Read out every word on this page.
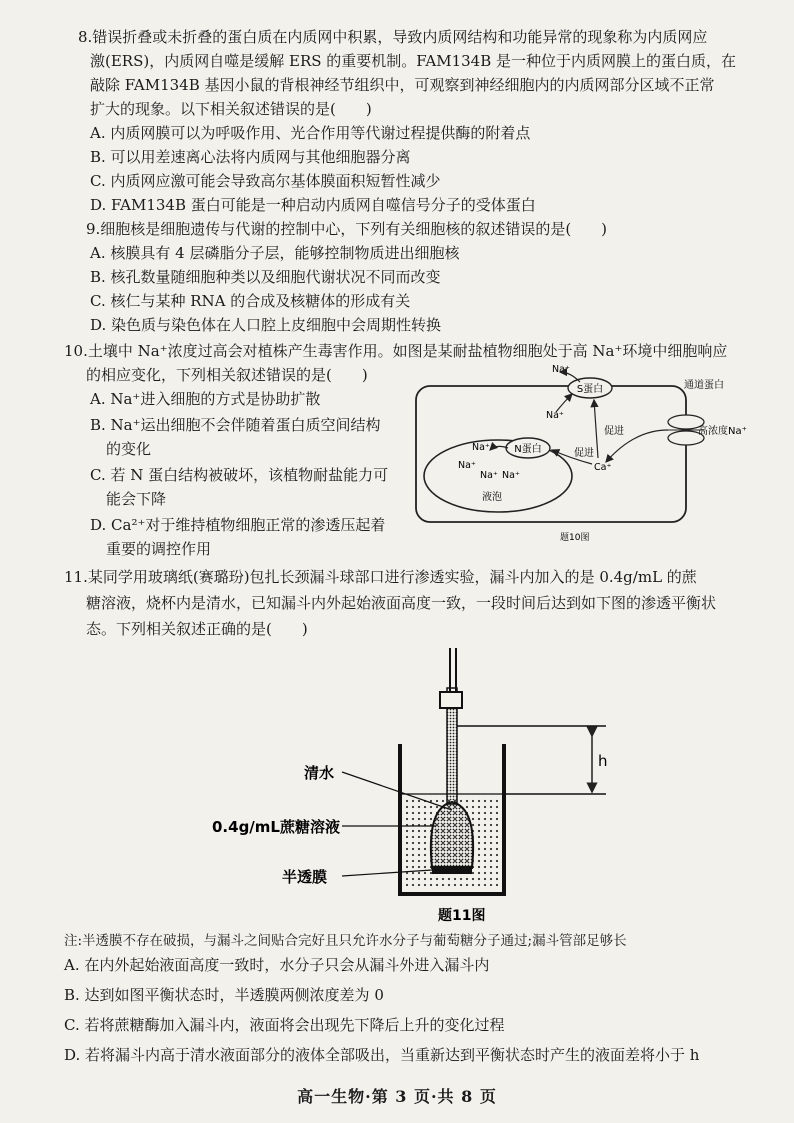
8.错误折叠或未折叠的蛋白质在内质网中积累，导致内质网结构和功能异常的现象称为内质网应
激(ERS)，内质网自噬是缓解 ERS 的重要机制。FAM134B 是一种位于内质网膜上的蛋白质，在
敲除 FAM134B 基因小鼠的背根神经节组织中，可观察到神经细胞内的内质网部分区域不正常
扩大的现象。以下相关叙述错误的是(　　)
A. 内质网膜可以为呼吸作用、光合作用等代谢过程提供酶的附着点
B. 可以用差速离心法将内质网与其他细胞器分离
C. 内质网应激可能会导致高尔基体膜面积短暂性减少
D. FAM134B 蛋白可能是一种启动内质网自噬信号分子的受体蛋白
9.细胞核是细胞遗传与代谢的控制中心，下列有关细胞核的叙述错误的是(　　)
A. 核膜具有 4 层磷脂分子层，能够控制物质进出细胞核
B. 核孔数量随细胞种类以及细胞代谢状况不同而改变
C. 核仁与某种 RNA 的合成及核糖体的形成有关
D. 染色质与染色体在人口腔上皮细胞中会周期性转换
10.土壤中 Na⁺浓度过高会对植株产生毒害作用。如图是某耐盐植物细胞处于高 Na⁺环境中细胞响应
的相应变化，下列相关叙述错误的是(　　)
A. Na⁺进入细胞的方式是协助扩散
B. Na⁺运出细胞不会伴随着蛋白质空间结构
的变化
C. 若 N 蛋白结构被破坏，该植物耐盐能力可
能会下降
D. Ca²⁺对于维持植物细胞正常的渗透压起着
重要的调控作用
S蛋白
N蛋白
通道蛋白
高浓度Na⁺
Na⁺
Na⁺
Na⁺
Na⁺
Na⁺ Na⁺
液泡
Ca⁺
促进
促进
题10图
11.某同学用玻璃纸(赛璐玢)包扎长颈漏斗球部口进行渗透实验，漏斗内加入的是 0.4g/mL 的蔗
糖溶液，烧杯内是清水，已知漏斗内外起始液面高度一致，一段时间后达到如下图的渗透平衡状
态。下列相关叙述正确的是(　　)
h
清水
0.4g/mL蔗糖溶液
半透膜
题11图
注:半透膜不存在破损，与漏斗之间贴合完好且只允许水分子与葡萄糖分子通过;漏斗管部足够长
A. 在内外起始液面高度一致时，水分子只会从漏斗外进入漏斗内
B. 达到如图平衡状态时，半透膜两侧浓度差为 0
C. 若将蔗糖酶加入漏斗内，液面将会出现先下降后上升的变化过程
D. 若将漏斗内高于清水液面部分的液体全部吸出，当重新达到平衡状态时产生的液面差将小于 h
高一生物·第 3 页·共 8 页
